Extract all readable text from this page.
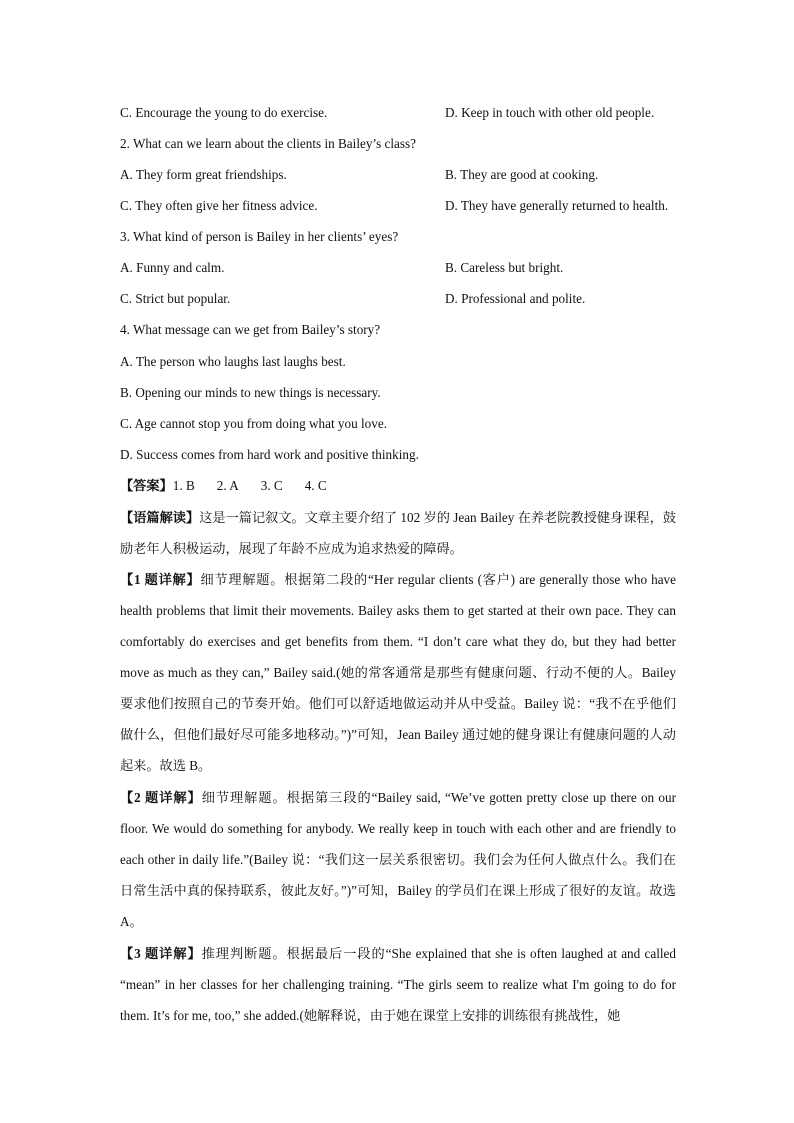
C. Encourage the young to do exercise.	D. Keep in touch with other old people.
2. What can we learn about the clients in Bailey’s class?
A. They form great friendships.	B. They are good at cooking.
C. They often give her fitness advice.	D. They have generally returned to health.
3. What kind of person is Bailey in her clients’ eyes?
A. Funny and calm.	B. Careless but bright.
C. Strict but popular.	D. Professional and polite.
4. What message can we get from Bailey’s story?
A. The person who laughs last laughs best.
B. Opening our minds to new things is necessary.
C. Age cannot stop you from doing what you love.
D. Success comes from hard work and positive thinking.
【答案】1. B 2. A 3. C 4. C
【语篇解读】这是一篇记叙文。文章主要介绍了 102 岁的 Jean Bailey 在养老院教授健身课程，鼓励老年人积极运动，展现了年龄不应成为追求热爱的障碍。
【1 题详解】细节理解题。根据第二段的“Her regular clients (客户) are generally those who have health problems that limit their movements. Bailey asks them to get started at their own pace. They can comfortably do exercises and get benefits from them. “I don’t care what they do, but they had better move as much as they can,” Bailey said.(她的常客通常是那些有健康问题、行动不便的人。Bailey 要求他们按照自己的节奏开始。他们可以舒适地做运动并从中受益。Bailey 说：“我不在乎他们做什么，但他们最好尽可能多地移动。”)”可知，Jean Bailey 通过她的健身课让有健康问题的人动起来。故选 B。
【2 题详解】细节理解题。根据第三段的“Bailey said, “We’ve gotten pretty close up there on our floor. We would do something for anybody. We really keep in touch with each other and are friendly to each other in daily life.”(Bailey 说：“我们这一层关系很密切。我们会为任何人做点什么。我们在日常生活中真的保持联系，彼此友好。”)”可知，Bailey 的学员们在课上形成了很好的友谊。故选 A。
【3 题详解】推理判断题。根据最后一段的“She explained that she is often laughed at and called “mean” in her classes for her challenging training. “The girls seem to realize what I'm going to do for them. It’s for me, too,” she added.(她解释说，由于她在课堂上安排的训练很有挑战性，她
